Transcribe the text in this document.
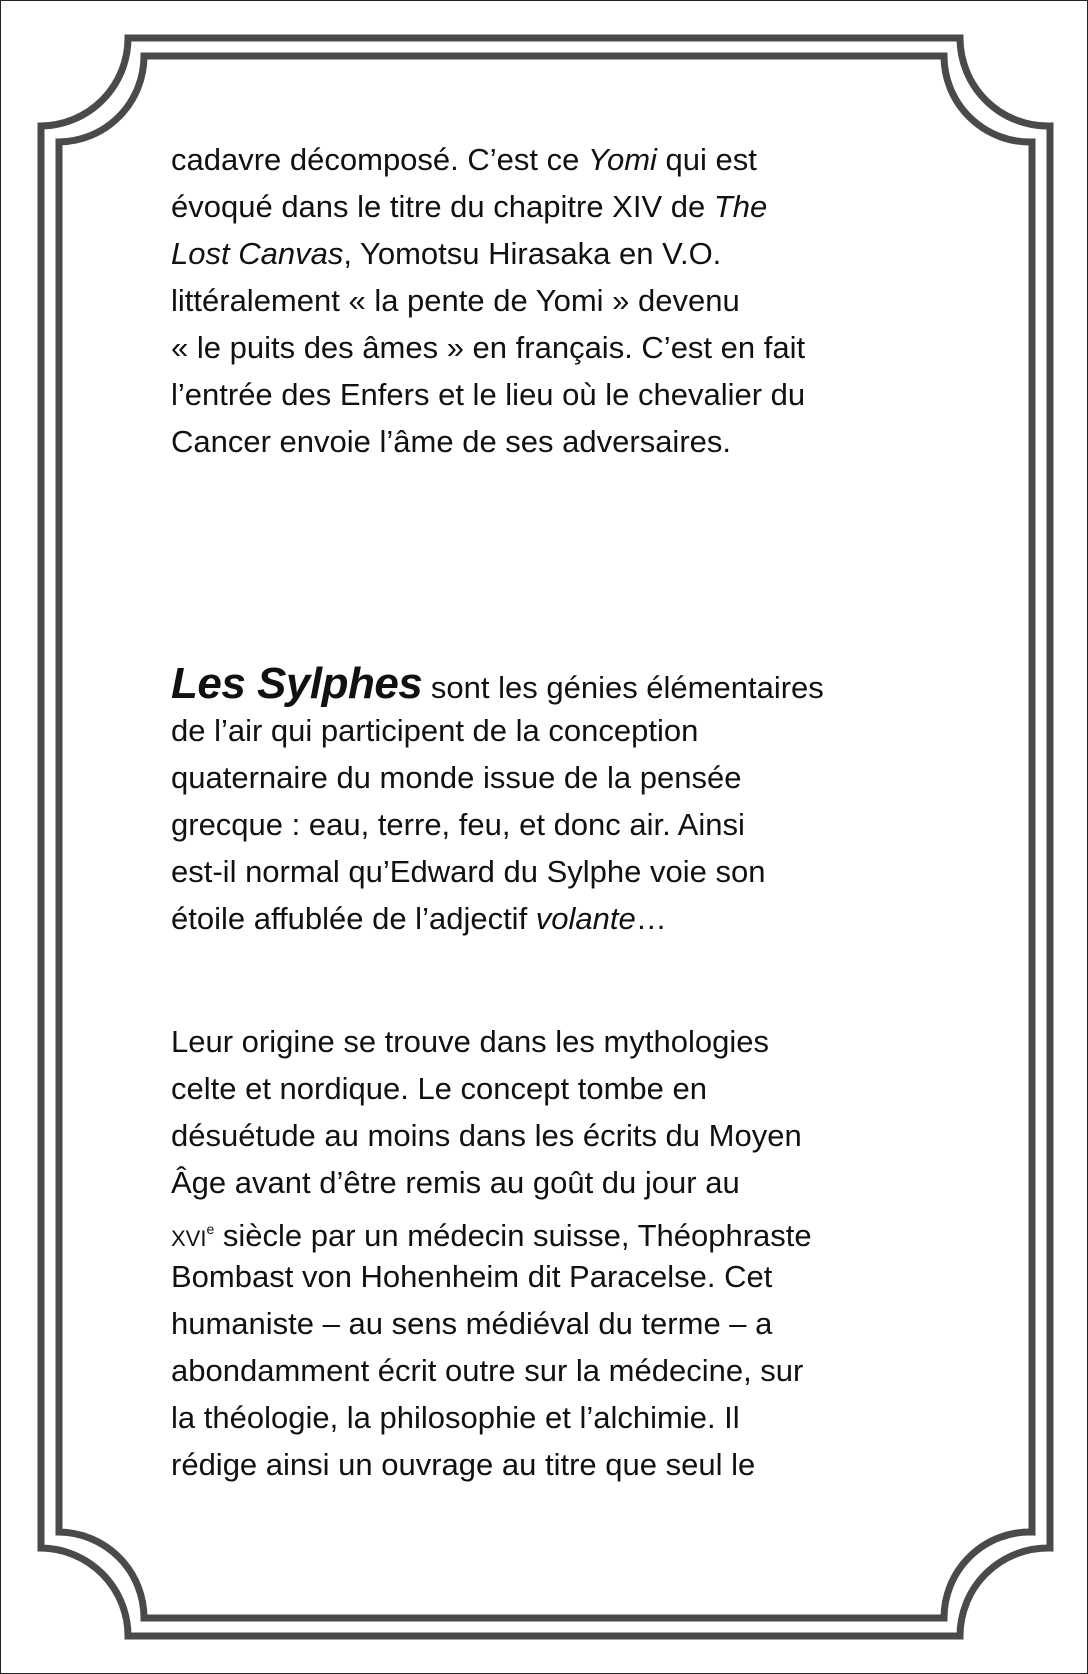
cadavre décomposé. C’est ce Yomi qui est
évoqué dans le titre du chapitre XIV de The
Lost Canvas, Yomotsu Hirasaka en V.O.
littéralement « la pente de Yomi » devenu
« le puits des âmes » en français. C’est en fait
l’entrée des Enfers et le lieu où le chevalier du
Cancer envoie l’âme de ses adversaires.
Les Sylphes sont les génies élémentaires
de l’air qui participent de la conception
quaternaire du monde issue de la pensée
grecque : eau, terre, feu, et donc air. Ainsi
est-il normal qu’Edward du Sylphe voie son
étoile affublée de l’adjectif volante…
Leur origine se trouve dans les mythologies
celte et nordique. Le concept tombe en
désuétude au moins dans les écrits du Moyen
Âge avant d’être remis au goût du jour au
XVIe siècle par un médecin suisse, Théophraste
Bombast von Hohenheim dit Paracelse. Cet
humaniste – au sens médiéval du terme – a
abondamment écrit outre sur la médecine, sur
la théologie, la philosophie et l’alchimie. Il
rédige ainsi un ouvrage au titre que seul le
